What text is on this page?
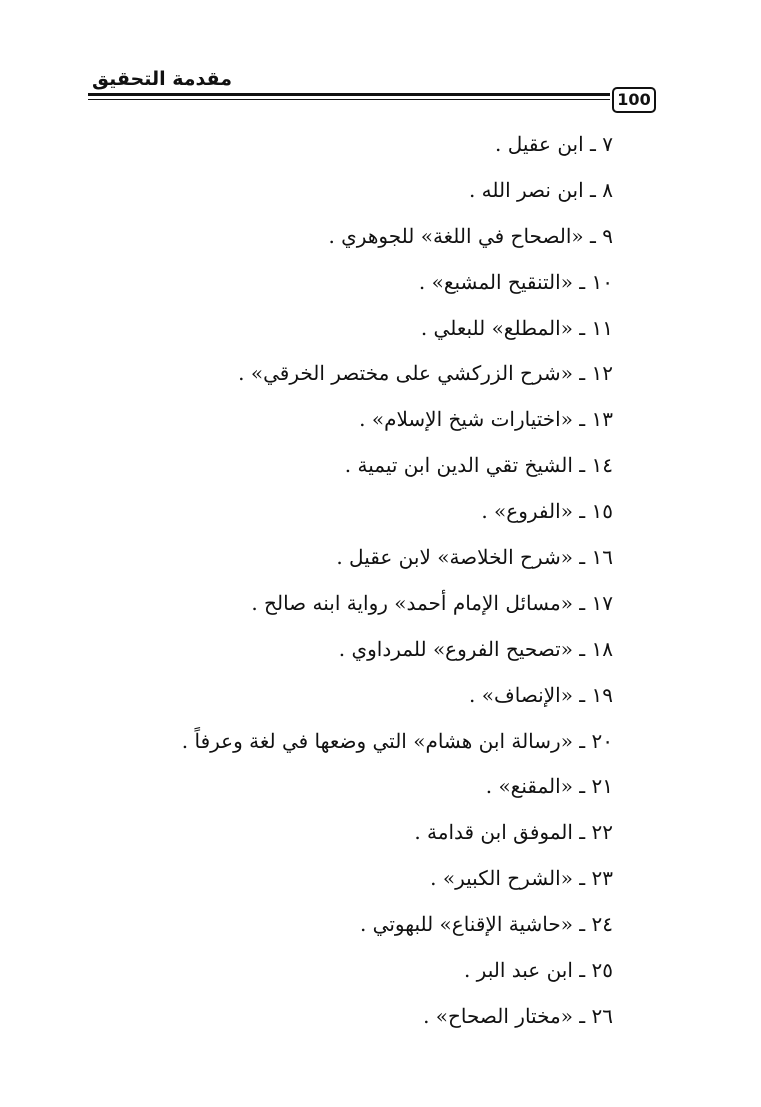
مقدمة التحقيق
100
٧ ـ ابن عقيل .
٨ ـ ابن نصر الله .
٩ ـ «الصحاح في اللغة» للجوهري .
١٠ ـ «التنقيح المشبع» .
١١ ـ «المطلع» للبعلي .
١٢ ـ «شرح الزركشي على مختصر الخرقي» .
١٣ ـ «اختيارات شيخ الإسلام» .
١٤ ـ الشيخ تقي الدين ابن تيمية .
١٥ ـ «الفروع» .
١٦ ـ «شرح الخلاصة» لابن عقيل .
١٧ ـ «مسائل الإمام أحمد» رواية ابنه صالح .
١٨ ـ «تصحيح الفروع» للمرداوي .
١٩ ـ «الإنصاف» .
٢٠ ـ «رسالة ابن هشام» التي وضعها في لغة وعرفاً .
٢١ ـ «المقنع» .
٢٢ ـ الموفق ابن قدامة .
٢٣ ـ «الشرح الكبير» .
٢٤ ـ «حاشية الإقناع» للبهوتي .
٢٥ ـ ابن عبد البر .
٢٦ ـ «مختار الصحاح» .
